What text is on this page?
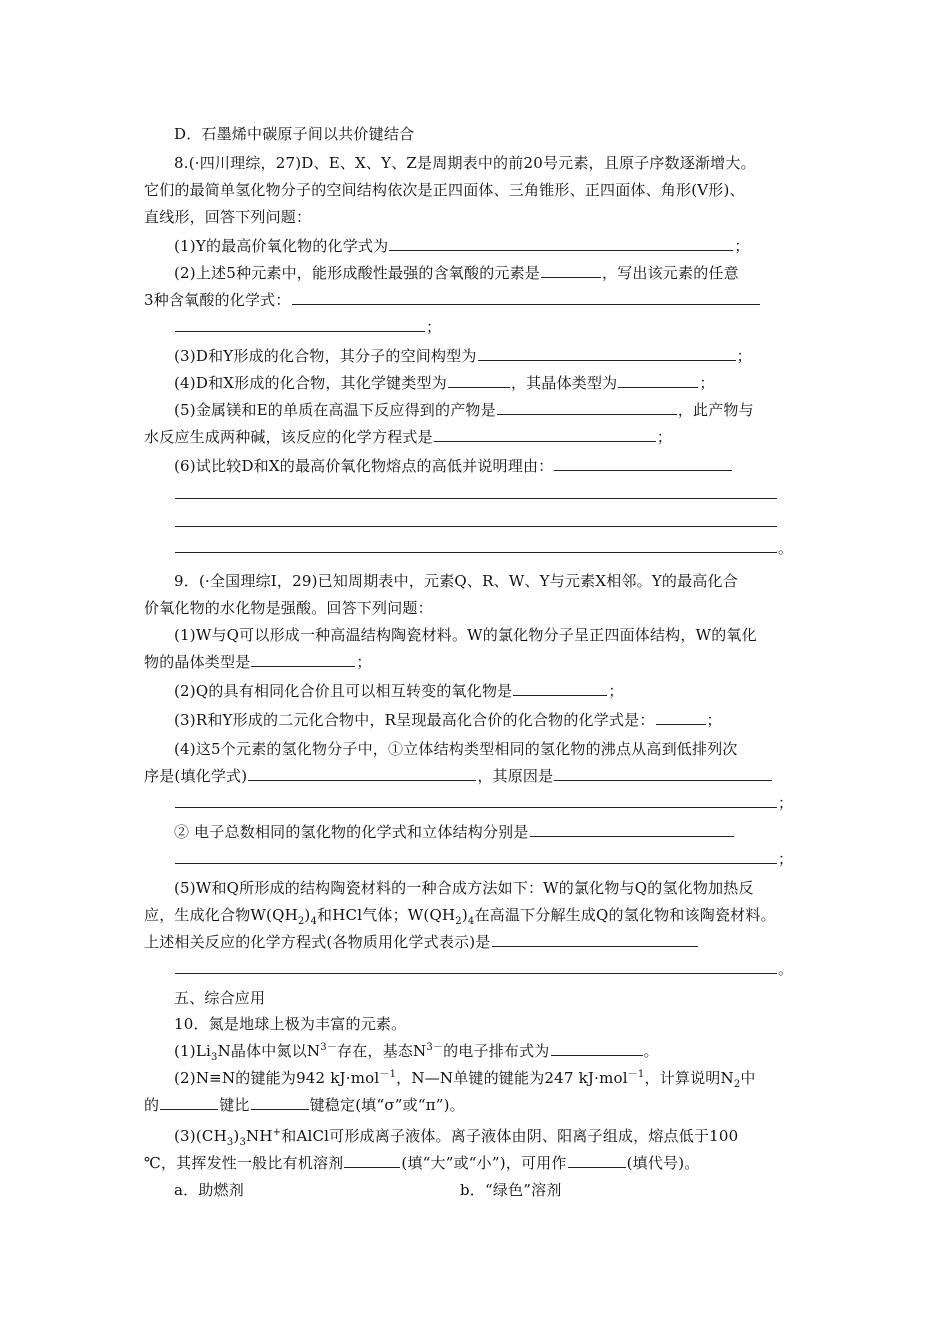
D．石墨烯中碳原子间以共价键结合
8.(·四川理综，27)D、E、X、Y、Z是周期表中的前20号元素，且原子序数逐渐增大。
它们的最简单氢化物分子的空间结构依次是正四面体、三角锥形、正四面体、角形(V形)、
直线形，回答下列问题：
(1)Y的最高价氧化物的化学式为	；
(2)上述5种元素中，能形成酸性最强的含氧酸的元素是	，写出该元素的任意
3种含氧酸的化学式：
；
(3)D和Y形成的化合物，其分子的空间构型为	；
(4)D和X形成的化合物，其化学键类型为	，其晶体类型为	；
(5)金属镁和E的单质在高温下反应得到的产物是	，此产物与
水反应生成两种碱，该反应的化学方程式是	；
(6)试比较D和X的最高价氧化物熔点的高低并说明理由：
。
9．(·全国理综Ⅰ，29)已知周期表中，元素Q、R、W、Y与元素X相邻。Y的最高化合
价氧化物的水化物是强酸。回答下列问题：
(1)W与Q可以形成一种高温结构陶瓷材料。W的氯化物分子呈正四面体结构，W的氧化
物的晶体类型是	；
(2)Q的具有相同化合价且可以相互转变的氧化物是	；
(3)R和Y形成的二元化合物中，R呈现最高化合价的化合物的化学式是：	；
(4)这5个元素的氢化物分子中，①立体结构类型相同的氢化物的沸点从高到低排列次
序是(填化学式)	，其原因是
；
② 电子总数相同的氢化物的化学式和立体结构分别是
；
(5)W和Q所形成的结构陶瓷材料的一种合成方法如下：W的氯化物与Q的氢化物加热反
应，生成化合物$W(QH_2)_4$和HCl气体；$W(QH_2)_4$在高温下分解生成Q的氢化物和该陶瓷材料。
上述相关反应的化学方程式(各物质用化学式表示)是
。
五、综合应用
10．氮是地球上极为丰富的元素。
$(1)Li_3N$晶体中氮以$N^{3-}$存在，基态$N^{3-}$的电子排布式为	。
(2)N≡N的键能为942 kJ·mol$^{-1}$，N—N单键的键能为247 kJ·mol$^{-1}$，计算说明$N_2$中
的	键比	键稳定(填“σ”或“π”)。
$(3)(CH_3)_3NH^+$和AlCl可形成离子液体。离子液体由阴、阳离子组成，熔点低于100
℃，其挥发性一般比有机溶剂	(填“大”或“小”)，可用作	(填代号)。
a．助燃剂	b．“绿色”溶剂
